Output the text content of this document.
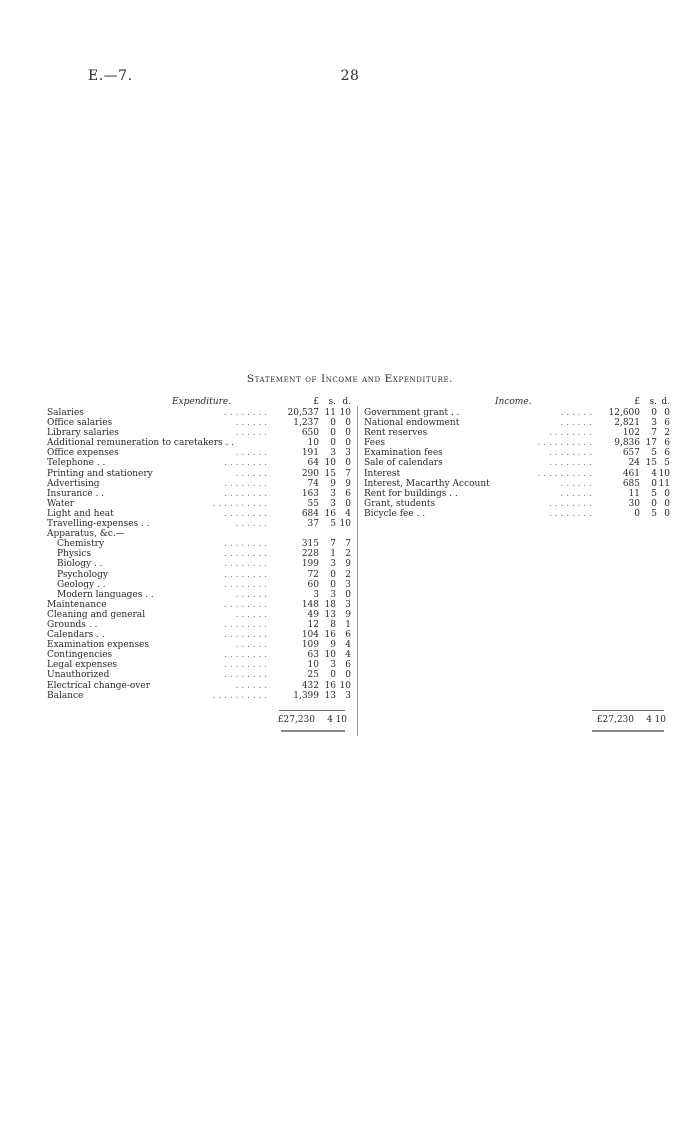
E.—7.	28
Statement of Income and Expenditure.
Expenditure.	£	s. d.
Salaries	. . . . . . . .	20,537 11 10
Office salaries	. . . . . .	1,237	0	0
Library salaries	. . . . . .	650	0	0
Additional remuneration to caretakers . .	10	0	0
Office expenses	. . . . . .	191	3	3
Telephone . .	. . . . . . . .	64 10	0
Printing and stationery	. . . . . .	290 15	7
Advertising	. . . . . . . .	74	9	9
Insurance . .	. . . . . . . .	163	3	6
Water	. . . . . . . . . .	55	3	0
Light and heat	. . . . . . . .	684 16	4
Travelling-expenses . .	. . . . . .	37	5 10
Apparatus, &c.—
Chemistry	. . . . . . . .	315	7	7
Physics	. . . . . . . .	228	1	2
Biology . .	. . . . . . . .	199	3	9
Psychology	. . . . . . . .	72	0	2
Geology . .	. . . . . . . .	60	0	3
Modern languages . .	. . . . . .	3	3	0
Maintenance	. . . . . . . .	148 18	3
Cleaning and general	. . . . . .	49 13	9
Grounds . .	. . . . . . . .	12	8	1
Calendars . .	. . . . . . . .	104 16	6
Examination expenses	. . . . . .	109	9	4
Contingencies	. . . . . . . .	63 10	4
Legal expenses	. . . . . . . .	10	3	6
Unauthorized	. . . . . . . .	25	0	0
Electrical change-over	. . . . . .	432 16 10
Balance	. . . . . . . . . .	1,399 13	3
Income.	£	s. d.
Government grant . .	. . . . . .	12,600	0 0
National endowment	. . . . . .	2,821	3 6
Rent reserves	. . . . . . . .	102	7 2
Fees	. . . . . . . . . .	9,836 17 6
Examination fees	. . . . . . . .	657	5 6
Sale of calendars	. . . . . . . .	24 15 5
Interest	. . . . . . . . . .	461	4 10
Interest, Macarthy Account	. . . . . .	685	0 11
Rent for buildings . .	. . . . . .	11	5 0
Grant, students	. . . . . . . .	30	0 0
Bicycle fee . .	. . . . . . . .	0	5 0
£27,230	4 10	£27,230	4 10
